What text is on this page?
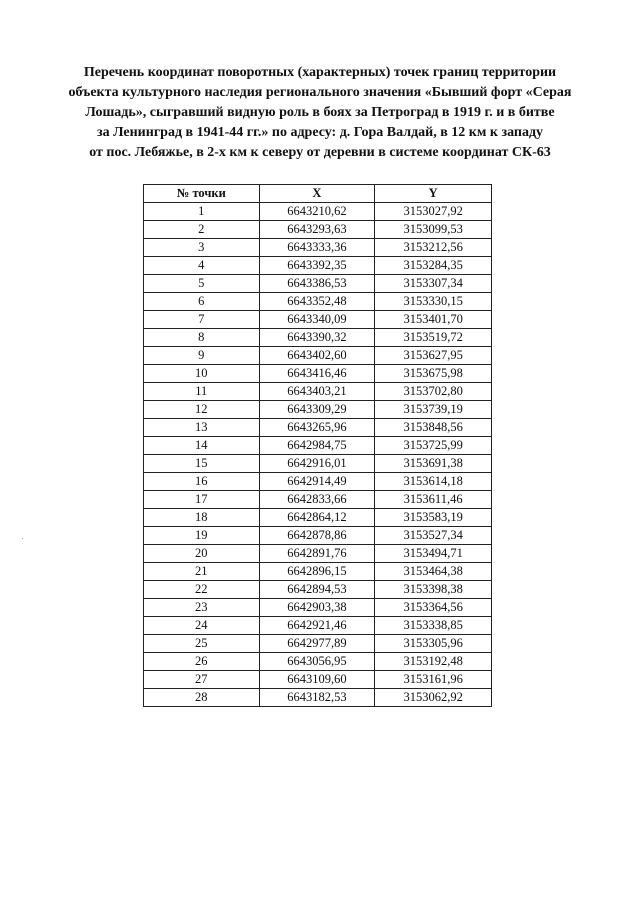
Перечень координат поворотных (характерных) точек границ территории
объекта культурного наследия регионального значения «Бывший форт «Серая
Лошадь», сыгравший видную роль в боях за Петроград в 1919 г. и в битве
за Ленинград в 1941-44 гг.» по адресу: д. Гора Валдай, в 12 км к западу
от пос. Лебяжье, в 2-х км к северу от деревни в системе координат СК-63
№ точки	X	Y
1	6643210,62	3153027,92
2	6643293,63	3153099,53
3	6643333,36	3153212,56
4	6643392,35	3153284,35
5	6643386,53	3153307,34
6	6643352,48	3153330,15
7	6643340,09	3153401,70
8	6643390,32	3153519,72
9	6643402,60	3153627,95
10	6643416,46	3153675,98
11	6643403,21	3153702,80
12	6643309,29	3153739,19
13	6643265,96	3153848,56
14	6642984,75	3153725,99
15	6642916,01	3153691,38
16	6642914,49	3153614,18
17	6642833,66	3153611,46
18	6642864,12	3153583,19
19	6642878,86	3153527,34
20	6642891,76	3153494,71
21	6642896,15	3153464,38
22	6642894,53	3153398,38
23	6642903,38	3153364,56
24	6642921,46	3153338,85
25	6642977,89	3153305,96
26	6643056,95	3153192,48
27	6643109,60	3153161,96
28	6643182,53	3153062,92
